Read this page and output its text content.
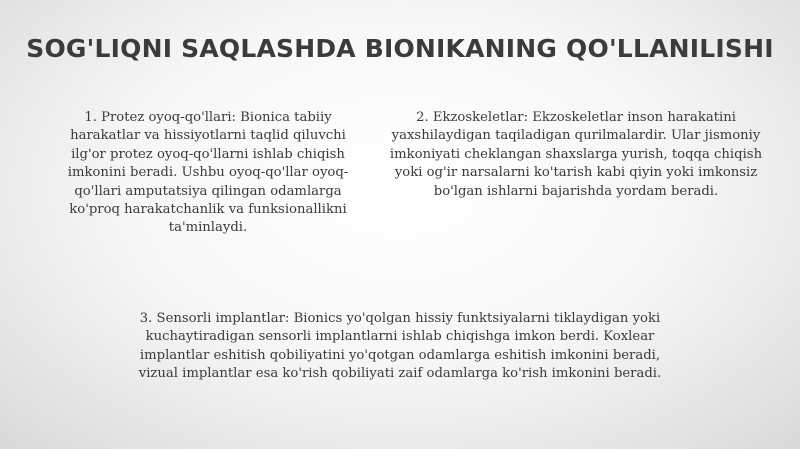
SOG'LIQNI SAQLASHDA BIONIKANING QO'LLANILISHI
1. Protez oyoq-qo'llari: Bionica tabiiy
harakatlar va hissiyotlarni taqlid qiluvchi
ilg'or protez oyoq-qo'llarni ishlab chiqish
imkonini beradi. Ushbu oyoq-qo'llar oyoq-
qo'llari amputatsiya qilingan odamlarga
ko'proq harakatchanlik va funksionallikni
ta'minlaydi.
2. Ekzoskeletlar: Ekzoskeletlar inson harakatini
yaxshilaydigan taqiladigan qurilmalardir. Ular jismoniy
imkoniyati cheklangan shaxslarga yurish, toqqa chiqish
yoki og'ir narsalarni ko'tarish kabi qiyin yoki imkonsiz
bo'lgan ishlarni bajarishda yordam beradi.
3. Sensorli implantlar: Bionics yo'qolgan hissiy funktsiyalarni tiklaydigan yoki
kuchaytiradigan sensorli implantlarni ishlab chiqishga imkon berdi. Koxlear
implantlar eshitish qobiliyatini yo'qotgan odamlarga eshitish imkonini beradi,
vizual implantlar esa ko'rish qobiliyati zaif odamlarga ko'rish imkonini beradi.
